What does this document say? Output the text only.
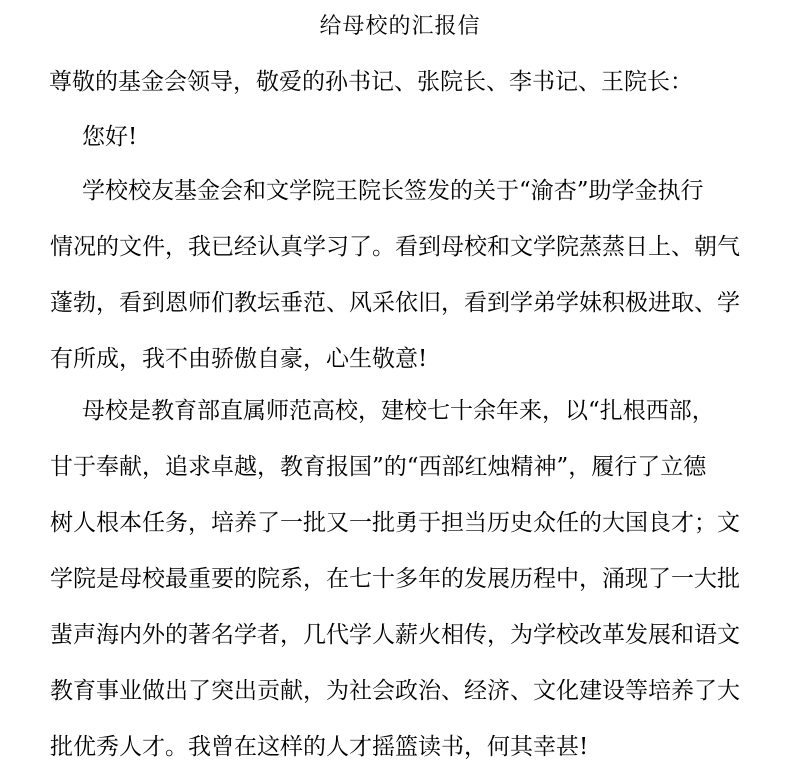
给母校的汇报信
尊敬的基金会领导，敬爱的孙书记、张院长、李书记、王院长：
您好!
学校校友基金会和文学院王院长签发的关于“渝杏”助学金执行
情况的文件，我已经认真学习了。看到母校和文学院蒸蒸日上、朝气
蓬勃，看到恩师们教坛垂范、风采依旧，看到学弟学妹积极进取、学
有所成，我不由骄傲自豪，心生敬意!
母校是教育部直属师范高校，建校七十余年来，以“扎根西部，
甘于奉献，追求卓越，教育报国”的“西部红烛精神”，履行了立德
树人根本任务，培养了一批又一批勇于担当历史众任的大国良才；文
学院是母校最重要的院系，在七十多年的发展历程中，涌现了一大批
蜚声海内外的著名学者，几代学人薪火相传，为学校改革发展和语文
教育事业做出了突出贡献，为社会政治、经济、文化建设等培养了大
批优秀人才。我曾在这样的人才摇篮读书，何其幸甚!
